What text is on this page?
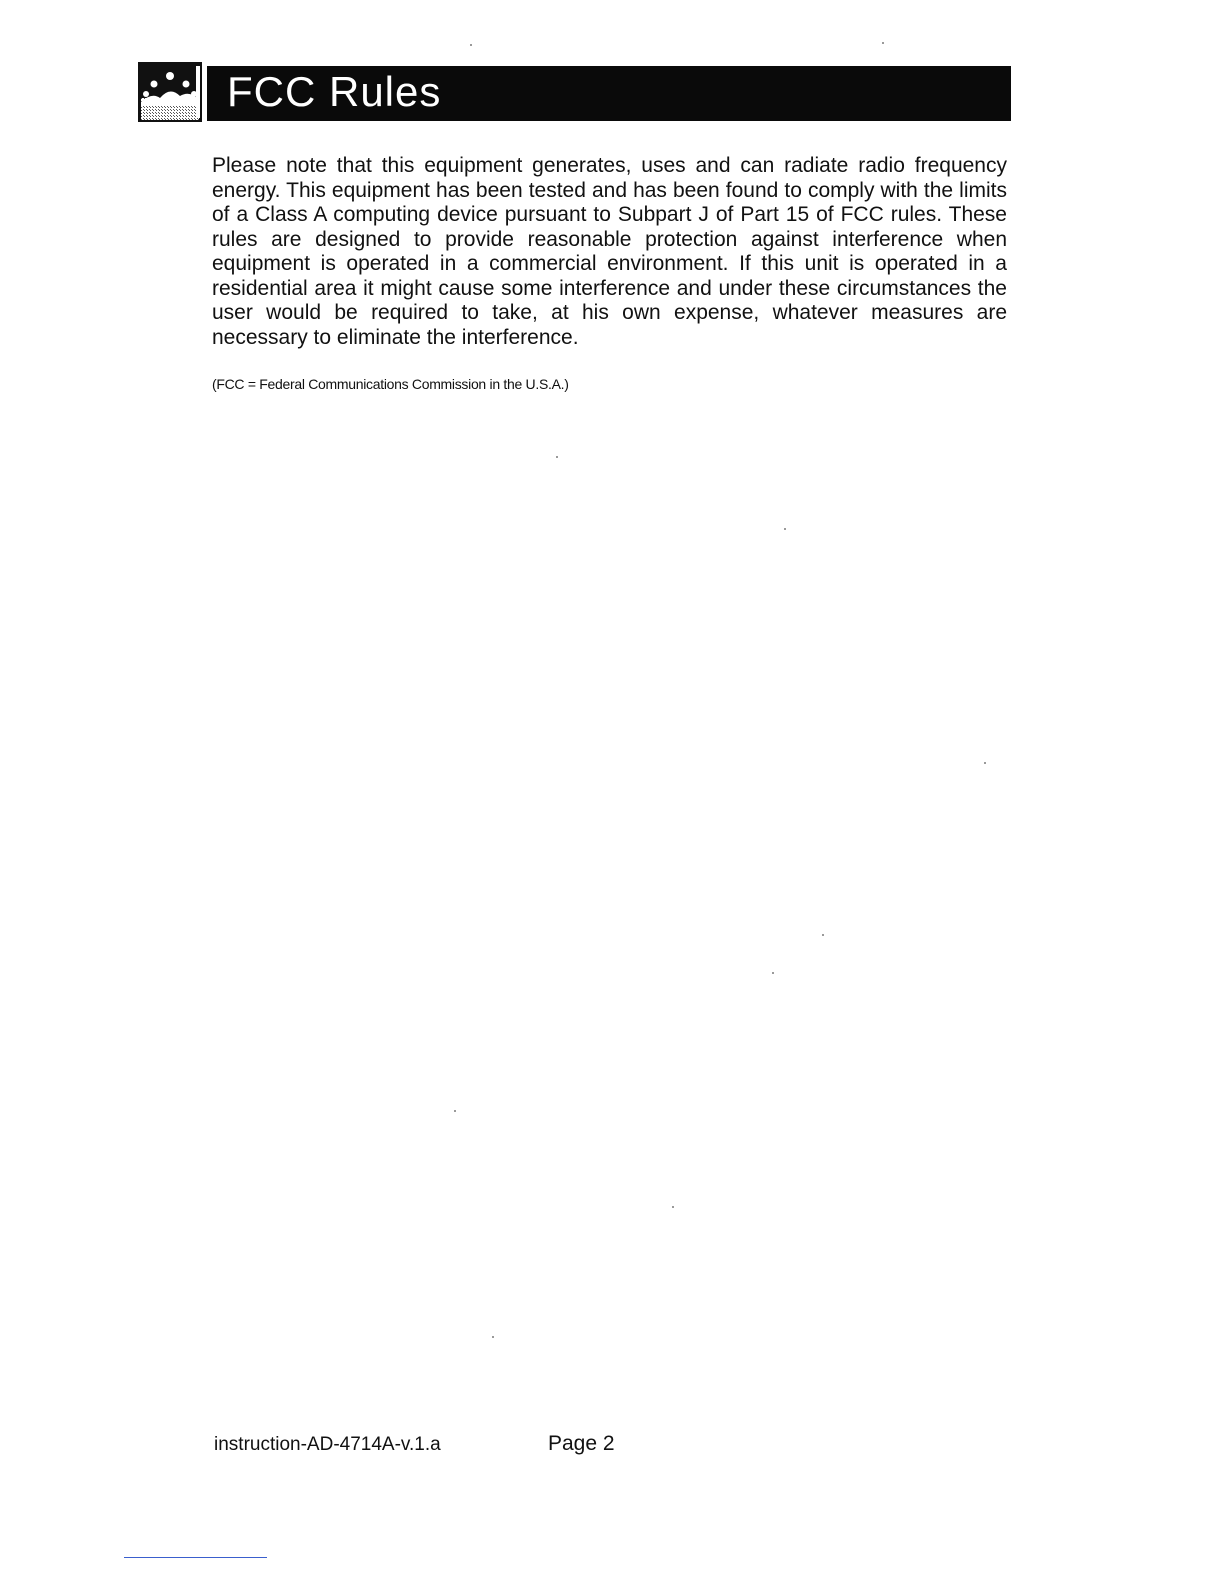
FCC Rules

Please note that this equipment generates, uses and can radiate radio frequency energy. This equipment has been tested and has been found to comply with the limits of a Class A computing device pursuant to Subpart J of Part 15 of FCC rules. These rules are designed to provide reasonable protection against interference when equipment is operated in a commercial environment. If this unit is operated in a residential area it might cause some interference and under these circumstances the user would be required to take, at his own expense, whatever measures are necessary to eliminate the interference.

(FCC = Federal Communications Commission in the U.S.A.)

instruction-AD-4714A-v.1.a	Page 2
